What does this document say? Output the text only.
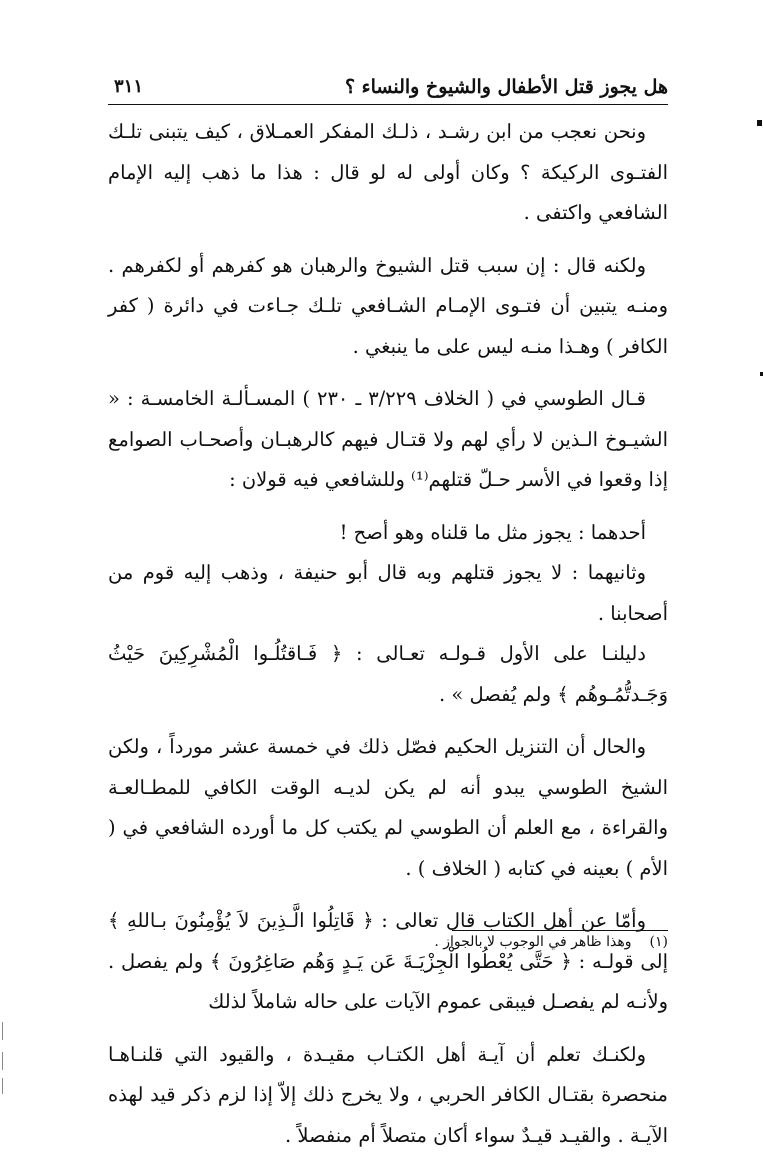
هل يجوز قتل الأطفال والشيوخ والنساء ؟
٣١١

ونحن نعجب من ابن رشـد ، ذلـك المفكر العمـلاق ، كيف يتبنى تلـك الفتـوى الركيكة ؟ وكان أولى له لو قال : هذا ما ذهب إليه الإمام الشافعي واكتفى .

ولكنه قال : إن سبب قتل الشيوخ والرهبان هو كفرهم أو لكفرهم . ومنـه يتبين أن فتـوى الإمـام الشـافعي تلـك جـاءت في دائرة ( كفر الكافر ) وهـذا منـه ليس على ما ينبغي .

قـال الطوسي في ( الخلاف ٣/٢٢٩ ـ ٢٣٠ ) المسـألـة الخامسـة : « الشيـوخ الـذين لا رأي لهم ولا قتـال فيهم كالرهبـان وأصحـاب الصوامع إذا وقعوا في الأسر حـلّ قتلهم⁽¹⁾ وللشافعي فيه قولان :

أحدهما : يجوز مثل ما قلناه وهو أصح !

وثانيهما : لا يجوز قتلهم وبه قال أبو حنيفة ، وذهب إليه قوم من أصحابنا .

دليلنـا على الأول قـولـه تعـالى : ﴿ فَـاقتُلُـوا الْمُشْرِكِينَ حَيْثُ وَجَـدتُّمُـوهُم ﴾ ولم يُفصل » .

والحال أن التنزيل الحكيم فصّل ذلك في خمسة عشر مورداً ، ولكن الشيخ الطوسي يبدو أنه لم يكن لديـه الوقت الكافي للمطـالعـة والقراءة ، مع العلم أن الطوسي لم يكتب كل ما أورده الشافعي في ( الأم ) بعينه في كتابه ( الخلاف ) .

وأمّا عن أهل الكتاب قال تعالى : ﴿ قَاتِلُوا الَّـذِينَ لاَ يُؤْمِنُونَ بـاللهِ ﴾ إلى قولـه : ﴿ حَتَّى يُعْطُوا الْجِزْيَـةَ عَن يَـدٍ وَهُم صَاغِرُونَ ﴾ ولم يفصل . ولأنـه لم يفصـل فيبقى عموم الآيات على حاله شاملاً لذلك

ولكنـك تعلم أن آيـة أهل الكتـاب مقيـدة ، والقيود التي قلنـاهـا منحصرة بقتـال الكافر الحربي ، ولا يخرج ذلك إلاّ إذا لزم ذكر قيد لهذه الآيـة . والقيـد قيـدٌ سواء أكان متصلاً أم منفصلاً .

(١)وهذا ظاهر في الوجوب لا بالجواز .
